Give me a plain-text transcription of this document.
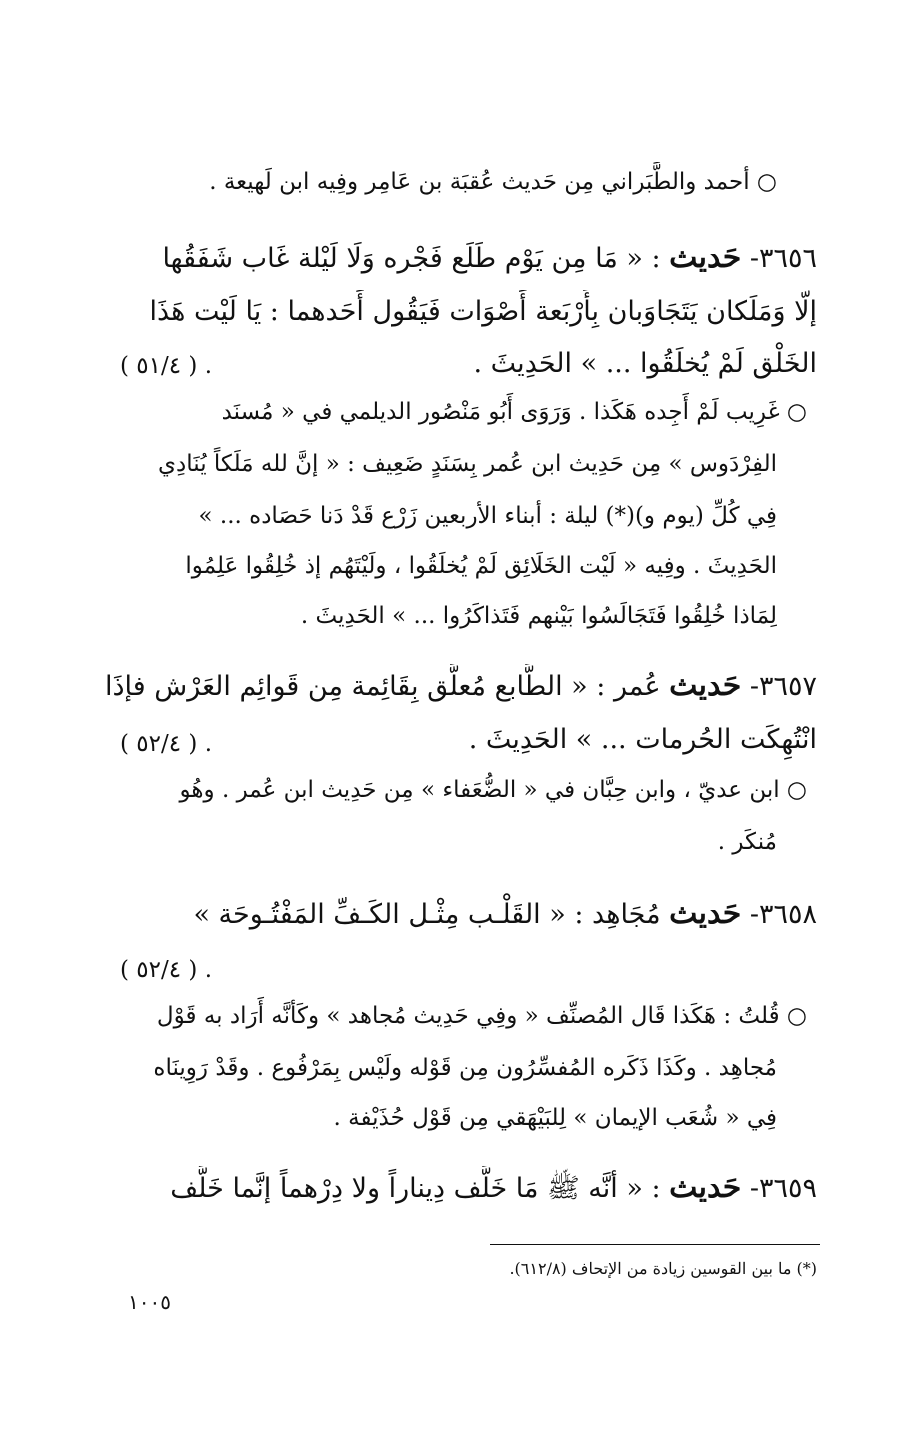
○ أحمد والطَّبَراني مِن حَديث عُقبَة بن عَامِر وفِيه ابن لَهيعة .
٣٦٥٦- حَديث : « مَا مِن يَوْم طَلَع فَجْره وَلَا لَيْلة غَاب شَفَقُها
إلَّا وَمَلَكان يَتَجَاوَبان بِأَرْبَعة أَصْوَات فَيَقُول أَحَدهما : يَا لَيْت هَذَا
الخَلْق لَمْ يُخلَقُوا ... » الحَدِيثَ .
( ٥١/٤ ) .
○ غَرِيب لَمْ أَجِده هَكَذا . وَرَوَى أَبُو مَنْصُور الديلمي في « مُسنَد
الفِرْدَوس » مِن حَدِيث ابن عُمر بِسَنَدٍ ضَعِيف : « إنَّ لله مَلَكاً يُنَادِي
فِي كُلِّ (يوم و)(*) ليلة : أبناء الأربعين زَرْع قَدْ دَنا حَصَاده ... »
الحَدِيثَ . وفِيه « لَيْت الخَلَائِق لَمْ يُخلَقُوا ، ولَيْتَهُم إذ خُلِقُوا عَلِمُوا
لِمَاذا خُلِقُوا فَتَجَالَسُوا بَيْنهم فَتَذاكَرُوا ... » الحَدِيثَ .
٣٦٥٧- حَديث عُمر : « الطَّابع مُعلَّق بِقَائِمة مِن قَوائِم العَرْش فإذَا
انْتُهِكَت الحُرمات ... » الحَدِيثَ .
( ٥٢/٤ ) .
○ ابن عديّ ، وابن حِبَّان في « الضُّعَفاء » مِن حَدِيث ابن عُمر . وهُو
مُنكَر .
٣٦٥٨- حَديث مُجَاهِد : « القَلْـب مِثْـل الكَـفِّ المَفْتُـوحَة »
( ٥٢/٤ ) .
○ قُلتُ : هَكَذا قَال المُصنِّف « وفِي حَدِيث مُجاهد » وكَأنَّه أَرَاد به قَوْل
مُجاهِد . وكَذَا ذَكَره المُفسِّرُون مِن قَوْله ولَيْس بِمَرْفُوع . وقَدْ رَوِينَاه
فِي « شُعَب الإيمان » لِلبَيْهَقي مِن قَوْل حُذَيْفة .
٣٦٥٩- حَديث : « أنَّه ﷺ مَا خَلَّف دِيناراً ولا دِرْهماً إنَّما خَلَّف
(*) ما بين القوسين زيادة من الإتحاف (٦١٢/٨).
١٠٠٥
